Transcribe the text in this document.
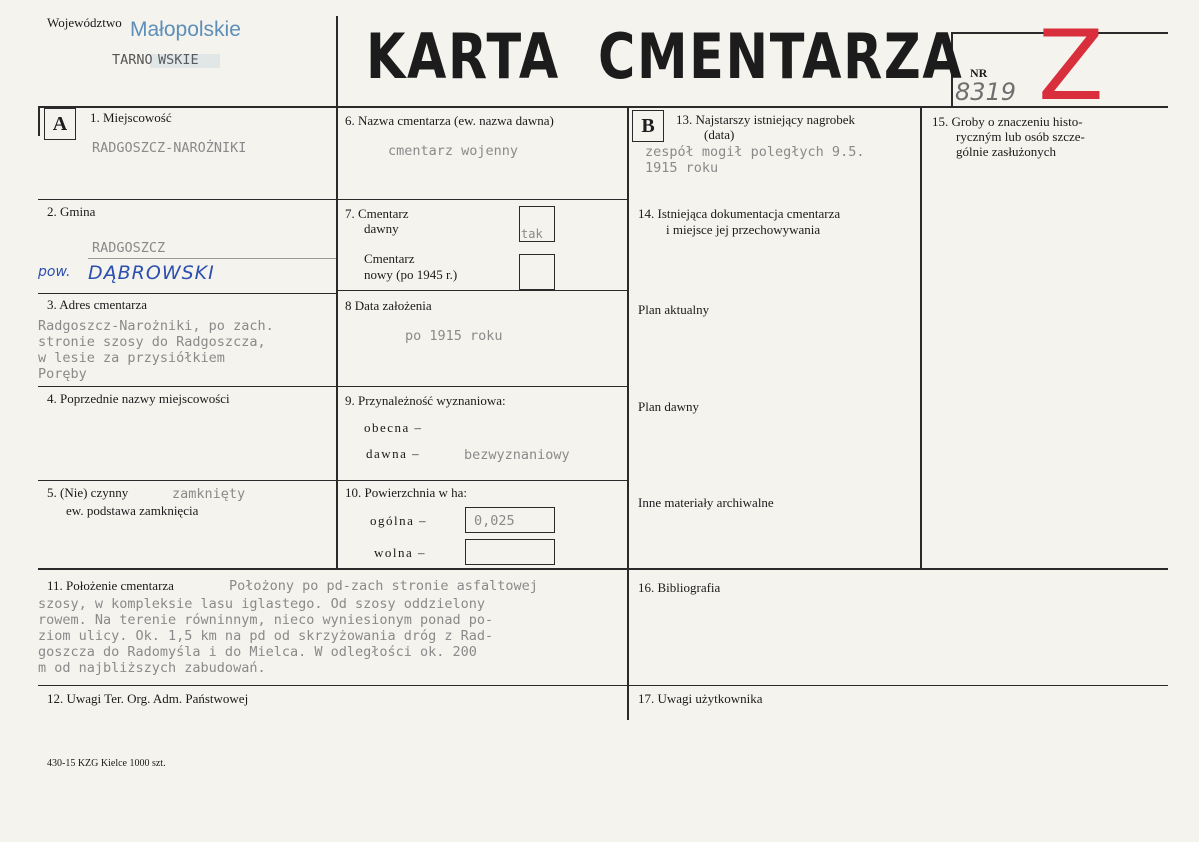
Województwo Małopolskie
TARNO WSKIE	KARTA CMENTARZA NR
8319 Z
A	1. Miejscowość
RADGOSZCZ-NAROŻNIKI
2. Gmina
RADGOSZCZ
pow. DĄBROWSKI
3. Adres cmentarza
Radgoszcz-Narożniki, po zach.
stronie szosy do Radgoszcza,
w lesie za przysiółkiem
Poręby
4. Poprzednie nazwy miejscowości
5. (Nie) czynny	zamknięty
ew. podstawa zamknięcia
6. Nazwa cmentarza (ew. nazwa dawna)
cmentarz wojenny
7. Cmentarz
dawny	tak
Cmentarz
nowy (po 1945 r.)
8 Data założenia
po 1915 roku
9. Przynależność wyznaniowa:
obecna –
dawna –	bezwyznaniowy
10. Powierzchnia w ha:
ogólna –	0,025
wolna –
B	13. Najstarszy istniejący nagrobek
(data)
zespół mogił poległych 9.5.
1915 roku
14. Istniejąca dokumentacja cmentarza
i miejsce jej przechowywania
Plan aktualny
Plan dawny
Inne materiały archiwalne
15. Groby o znaczeniu histo-
ryczným lub osób szcze-
gólnie zasłużonych
16. Bibliografia
17. Uwagi użytkownika
11. Położenie cmentarza	Położony po pd-zach stronie asfaltowej
szosy, w kompleksie lasu iglastego. Od szosy oddzielony
rowem. Na terenie równinnym, nieco wyniesionym ponad po-
ziom ulicy. Ok. 1,5 km na pd od skrzyżowania dróg z Rad-
goszcza do Radomyśla i do Mielca. W odległości ok. 200
m od najbliższych zabudowań.
12. Uwagi Ter. Org. Adm. Państwowej
430-15 KZG Kielce 1000 szt.
